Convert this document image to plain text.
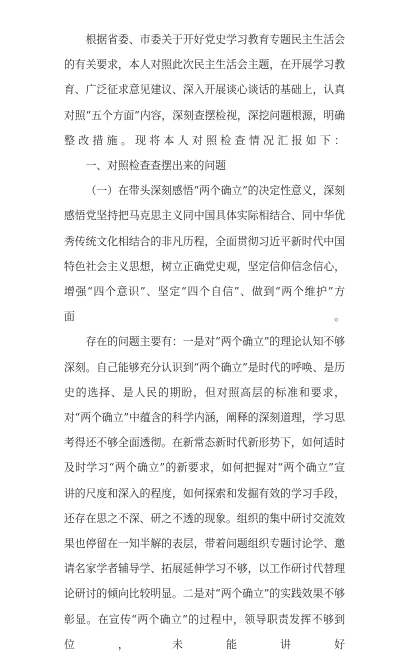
根据省委、市委关于开好党史学习教育专题民主生活会的有关要求，本人对照此次民主生活会主题，在开展学习教育、广泛征求意见建议、深入开展谈心谈话的基础上，认真对照“五个方面”内容，深刻查摆检视，深挖问题根源，明确整改措施。现将本人对照检查情况汇报如下：

一、对照检查查摆出来的问题

（一）在带头深刻感悟“两个确立”的决定性意义，深刻感悟党坚持把马克思主义同中国具体实际相结合、同中华优秀传统文化相结合的非凡历程，全面贯彻习近平新时代中国特色社会主义思想，树立正确党史观，坚定信仰信念信心，增强“四个意识”、坚定“四个自信”、做到“两个维护”方面。

存在的问题主要有：一是对“两个确立”的理论认知不够深刻。自己能够充分认识到“两个确立”是时代的呼唤、是历史的选择、是人民的期盼，但对照高层的标准和要求，对“两个确立”中蕴含的科学内涵，阐释的深刻道理，学习思考得还不够全面透彻。在新常态新时代新形势下，如何适时及时学习“两个确立”的新要求，如何把握对“两个确立”宣讲的尺度和深入的程度，如何探索和发掘有效的学习手段，还存在思之不深、研之不透的现象。组织的集中研讨交流效果也停留在一知半解的表层，带着问题组织专题讨论学、邀请名家学者辅导学、拓展延伸学习不够，以工作研讨代替理论研讨的倾向比较明显。二是对“两个确立”的实践效果不够彰显。在宣传“两个确立”的过程中，领导职责发挥不够到位，未能讲好
